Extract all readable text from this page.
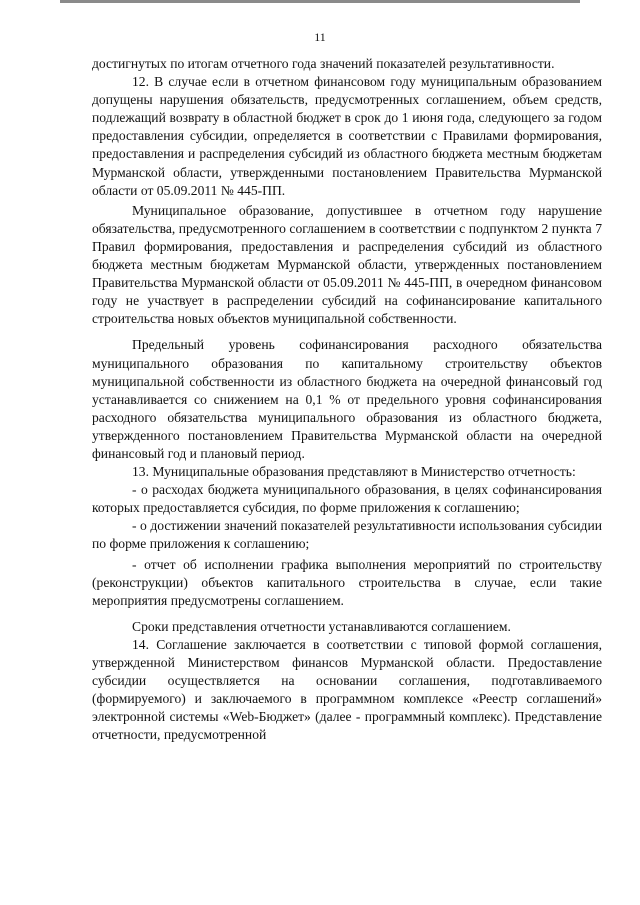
11

достигнутых по итогам отчетного года значений показателей результативности.

12. В случае если в отчетном финансовом году муниципальным образованием допущены нарушения обязательств, предусмотренных соглашением, объем средств, подлежащий возврату в областной бюджет в срок до 1 июня года, следующего за годом предоставления субсидии, определяется в соответствии с Правилами формирования, предоставления и распределения субсидий из областного бюджета местным бюджетам Мурманской области, утвержденными постановлением Правительства Мурманской области от 05.09.2011 № 445-ПП.

Муниципальное образование, допустившее в отчетном году нарушение обязательства, предусмотренного соглашением в соответствии с подпунктом 2 пункта 7 Правил формирования, предоставления и распределения субсидий из областного бюджета местным бюджетам Мурманской области, утвержденных постановлением Правительства Мурманской области от 05.09.2011 № 445-ПП, в очередном финансовом году не участвует в распределении субсидий на софинансирование капитального строительства новых объектов муниципальной собственности.

Предельный уровень софинансирования расходного обязательства муниципального образования по капитальному строительству объектов муниципальной собственности из областного бюджета на очередной финансовый год устанавливается со снижением на 0,1 % от предельного уровня софинансирования расходного обязательства муниципального образования из областного бюджета, утвержденного постановлением Правительства Мурманской области на очередной финансовый год и плановый период.

13. Муниципальные образования представляют в Министерство отчетность:

- о расходах бюджета муниципального образования, в целях софинансирования которых предоставляется субсидия, по форме приложения к соглашению;

- о достижении значений показателей результативности использования субсидии по форме приложения к соглашению;

- отчет об исполнении графика выполнения мероприятий по строительству (реконструкции) объектов капитального строительства в случае, если такие мероприятия предусмотрены соглашением.

Сроки представления отчетности устанавливаются соглашением.

14. Соглашение заключается в соответствии с типовой формой соглашения, утвержденной Министерством финансов Мурманской области. Предоставление субсидии осуществляется на основании соглашения, подготавливаемого (формируемого) и заключаемого в программном комплексе «Реестр соглашений» электронной системы «Web-Бюджет» (далее - программный комплекс). Представление отчетности, предусмотренной
